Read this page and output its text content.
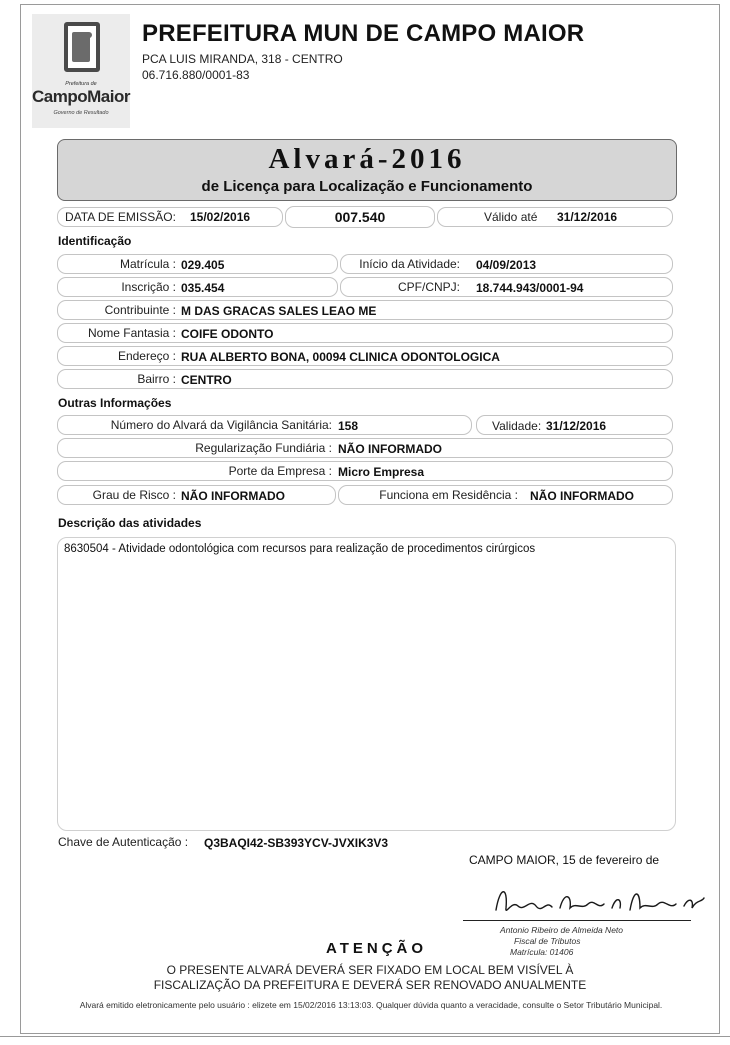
Prefeitura de
CampoMaior
Governo de Resultado
PREFEITURA MUN DE CAMPO MAIOR
PCA LUIS MIRANDA, 318 - CENTRO
06.716.880/0001-83
Alvará-2016
de Licença para Localização e Funcionamento
DATA DE EMISSÃO: 15/02/2016	007.540	Válido até 31/12/2016
Identificação
Matrícula : 029.405	Início da Atividade: 04/09/2013
Inscrição : 035.454	CPF/CNPJ: 18.744.943/0001-94
Contribuinte : M DAS GRACAS SALES LEAO ME
Nome Fantasia : COIFE ODONTO
Endereço : RUA ALBERTO BONA, 00094 CLINICA ODONTOLOGICA
Bairro : CENTRO
Outras Informações
Número do Alvará da Vigilância Sanitária: 158	Validade: 31/12/2016
Regularização Fundiária : NÃO INFORMADO
Porte da Empresa : Micro Empresa
Grau de Risco : NÃO INFORMADO	Funciona em Residência : NÃO INFORMADO
Descrição das atividades
8630504 - Atividade odontológica com recursos para realização de procedimentos cirúrgicos
Chave de Autenticação : Q3BAQI42-SB393YCV-JVXIK3V3
CAMPO MAIOR, 15 de fevereiro de
Antonio Ribeiro de Almeida Neto
Fiscal de Tributos
Matrícula: 01406
ATENÇÃO
O PRESENTE ALVARÁ DEVERÁ SER FIXADO EM LOCAL BEM VISÍVEL À
FISCALIZAÇÃO DA PREFEITURA E DEVERÁ SER RENOVADO ANUALMENTE
Alvará emitido eletronicamente pelo usuário : elizete em 15/02/2016 13:13:03. Qualquer dúvida quanto a veracidade, consulte o Setor Tributário Municipal.
